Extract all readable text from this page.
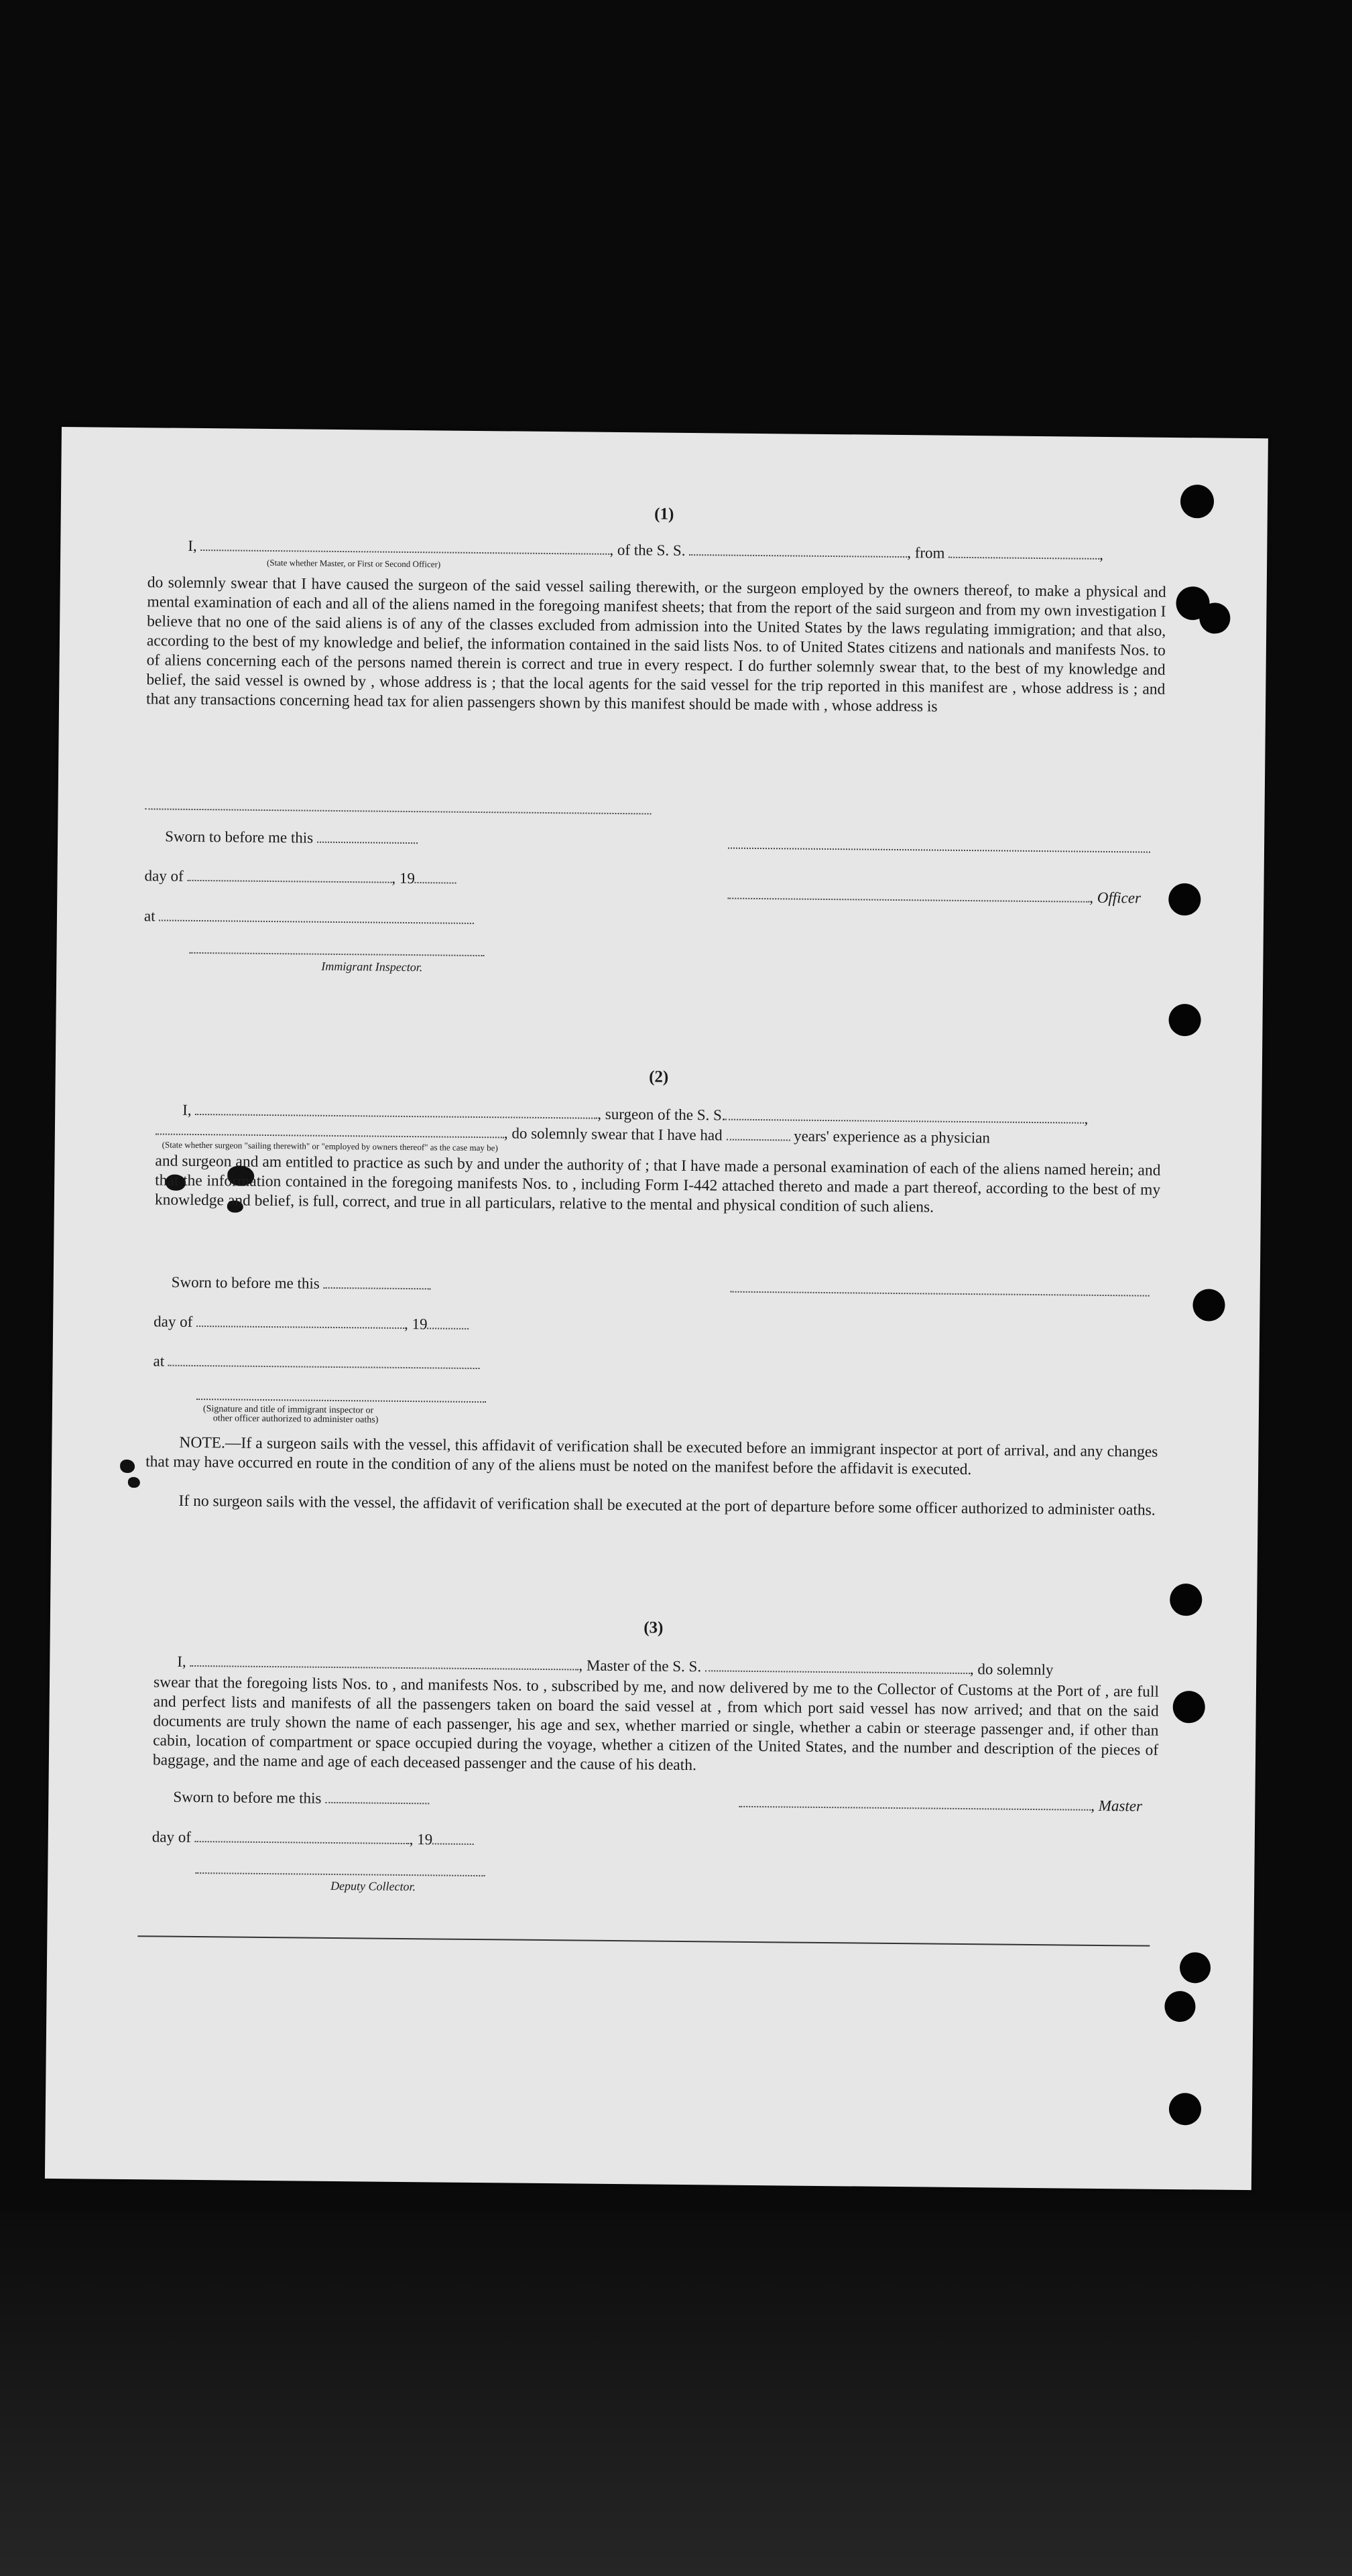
(1)
I,	, of the S. S.	, from	,
(State whether Master, or First or Second Officer)
do solemnly swear that I have caused the surgeon of the said vessel sailing therewith, or the surgeon employed by the owners thereof, to make a physical and mental examination of each and all of the aliens named in the foregoing manifest sheets; that from the report of the said surgeon and from my own investigation I believe that no one of the said aliens is of any of the classes excluded from admission into the United States by the laws regulating immigration; and that also, according to the best of my knowledge and belief, the information contained in the said lists Nos. to of United States citizens and nationals and manifests Nos. to of aliens concerning each of the persons named therein is correct and true in every respect. I do further solemnly swear that, to the best of my knowledge and belief, the said vessel is owned by , whose address is ; that the local agents for the said vessel for the trip reported in this manifest are , whose address is ; and that any transactions concerning head tax for alien passengers shown by this manifest should be made with , whose address is
Sworn to before me this
day of	, 19
, Officer
at
Immigrant Inspector.
(2)
I,	, surgeon of the S. S.	,
, do solemnly swear that I have had	years' experience as a physician
(State whether surgeon "sailing therewith" or "employed by owners thereof" as the case may be)
and surgeon and am entitled to practice as such by and under the authority of ; that I have made a personal examination of each of the aliens named herein; and that the information contained in the foregoing manifests Nos. to , including Form I-442 attached thereto and made a part thereof, according to the best of my knowledge and belief, is full, correct, and true in all particulars, relative to the mental and physical condition of such aliens.
Sworn to before me this
day of	, 19
at
(Signature and title of immigrant inspector or
other officer authorized to administer oaths)
NOTE.—If a surgeon sails with the vessel, this affidavit of verification shall be executed before an immigrant inspector at port of arrival, and any changes that may have occurred en route in the condition of any of the aliens must be noted on the manifest before the affidavit is executed.
If no surgeon sails with the vessel, the affidavit of verification shall be executed at the port of departure before some officer authorized to administer oaths.
(3)
I,	, Master of the S. S.	, do solemnly
swear that the foregoing lists Nos. to , and manifests Nos. to , subscribed by me, and now delivered by me to the Collector of Customs at the Port of , are full and perfect lists and manifests of all the passengers taken on board the said vessel at , from which port said vessel has now arrived; and that on the said documents are truly shown the name of each passenger, his age and sex, whether married or single, whether a cabin or steerage passenger and, if other than cabin, location of compartment or space occupied during the voyage, whether a citizen of the United States, and the number and description of the pieces of baggage, and the name and age of each deceased passenger and the cause of his death.
Sworn to before me this	, Master
day of	, 19
Deputy Collector.
